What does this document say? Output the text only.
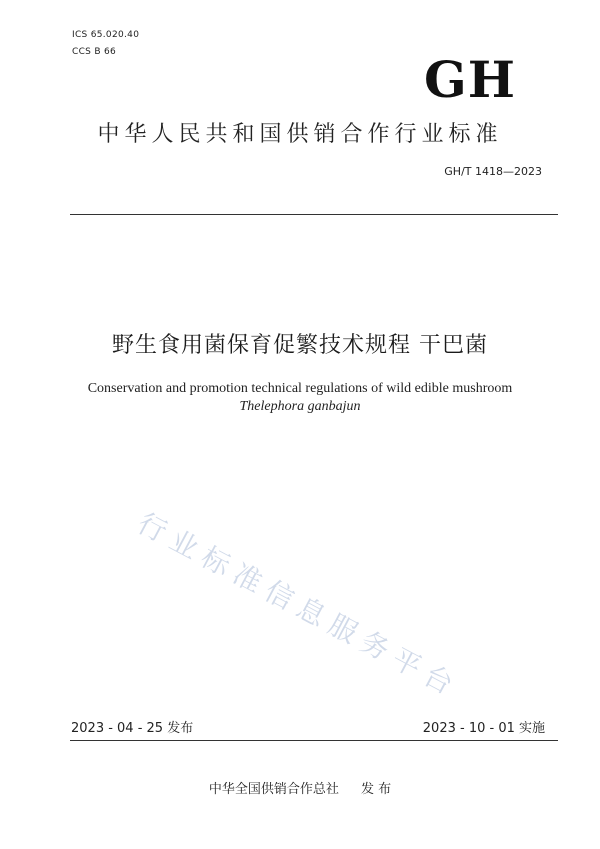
ICS 65.020.40
CCS B 66	GH
中华人民共和国供销合作行业标准
GH/T 1418—2023
野生食用菌保育促繁技术规程 干巴菌
Conservation and promotion technical regulations of wild edible mushroom
Thelephora ganbajun
行业标准信息服务平台
2023 - 04 - 25 发布	2023 - 10 - 01 实施
中华全国供销合作总社 发 布
